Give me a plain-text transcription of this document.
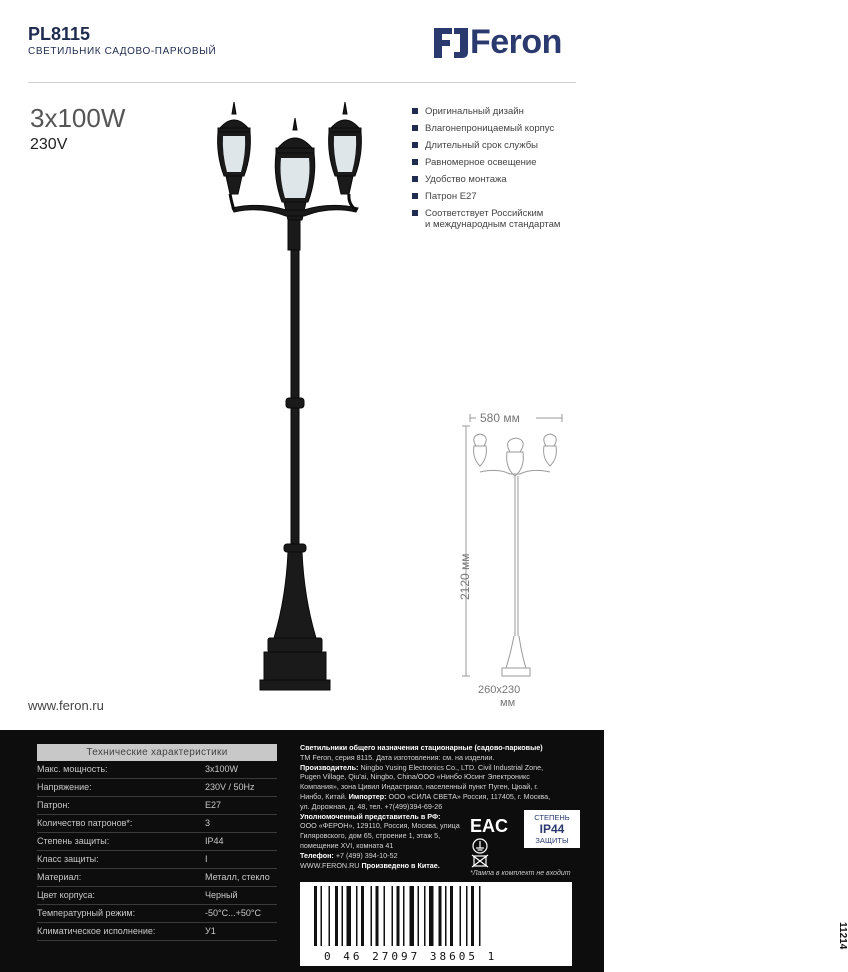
PL8115
СВЕТИЛЬНИК САДОВО-ПАРКОВЫЙ	Feron
3x100W
230V
Оригинальный дизайн
Влагонепроницаемый корпус
Длительный срок службы
Равномерное освещение
Удобство монтажа
Патрон Е27
Соответствует Российским
и международным стандартам
580 мм
2120 мм
260х230
мм
www.feron.ru
Технические характеристики
Макс. мощность:	3x100W
Напряжение:	230V / 50Hz
Патрон:	E27
Количество патронов*:	3
Степень защиты:	IP44
Класс защиты:	I
Материал:	Металл, стекло
Цвет корпуса:	Черный
Температурный режим:	-50°С...+50°С
Климатическое исполнение:	У1
Светильники общего назначения стационарные (садово-парковые)
ТМ Feron, серия 8115. Дата изготовления: см. на изделии.
Производитель: Ningbo Yusing Electronics Co., LTD. Civil Industrial Zone, Pugen Village, Qiu'ai, Ningbo, China/ООО «Нинбо Юсинг Электроникс Компания», зона Цивил Индастриал, населенный пункт Пуген, Цюай, г. Нинбо, Китай. Импортер: ООО «СИЛА СВЕТА» Россия, 117405, г. Москва, ул. Дорожная, д. 48, тел. +7(499)394-69-26

Уполномоченный представитель в РФ:
ООО «ФЕРОН», 129110, Россия, Москва, улица Гиляровского, дом 65, строение 1, этаж 5, помещение XVI, комната 41
Телефон: +7 (499) 394-10-52
WWW.FERON.RU Произведено в Китае.
EAC	СТЕПЕНЬ
IP44
ЗАЩИТЫ
*Лампа в комплект не входит
0 46 27097 38605 1
11214
